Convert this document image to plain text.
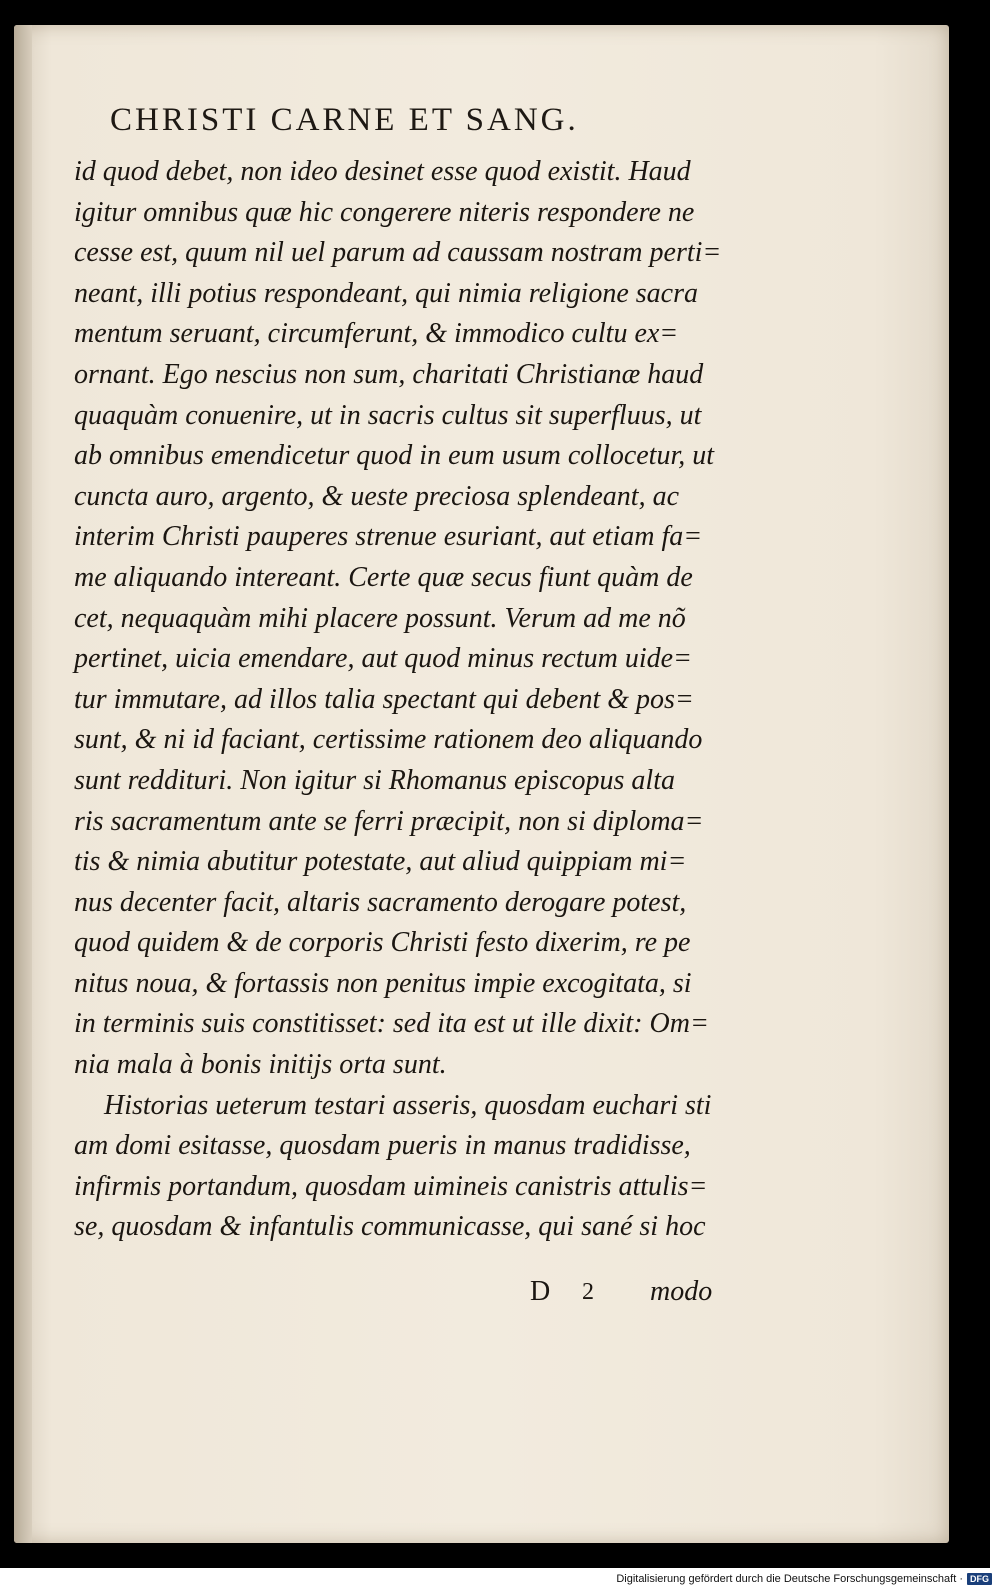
CHRISTI CARNE ET SANG.
id quod debet, non ideo desinet esse quod existit. Haud
igitur omnibus quæ hic congerere niteris respondere ne
cesse est, quum nil uel parum ad caussam nostram perti=
neant, illi potius respondeant, qui nimia religione sacra
mentum seruant, circumferunt, & immodico cultu ex=
ornant. Ego nescius non sum, charitati Christianæ haud
quaquàm conuenire, ut in sacris cultus sit superfluus, ut
ab omnibus emendicetur quod in eum usum collocetur, ut
cuncta auro, argento, & ueste preciosa splendeant, ac
interim Christi pauperes strenue esuriant, aut etiam fa=
me aliquando intereant. Certe quæ secus fiunt quàm de
cet, nequaquàm mihi placere possunt. Verum ad me nõ
pertinet, uicia emendare, aut quod minus rectum uide=
tur immutare, ad illos talia spectant qui debent & pos=
sunt, & ni id faciant, certissime rationem deo aliquando
sunt reddituri. Non igitur si Rhomanus episcopus alta
ris sacramentum ante se ferri præcipit, non si diploma=
tis & nimia abutitur potestate, aut aliud quippiam mi=
nus decenter facit, altaris sacramento derogare potest,
quod quidem & de corporis Christi festo dixerim, re pe
nitus noua, & fortassis non penitus impie excogitata, si
in terminis suis constitisset: sed ita est ut ille dixit: Om=
nia mala à bonis initijs orta sunt.
Historias ueterum testari asseris, quosdam euchari sti
am domi esitasse, quosdam pueris in manus tradidisse,
infirmis portandum, quosdam uimineis canistris attulis=
se, quosdam & infantulis communicasse, qui sané si hoc
D 2 modo
Digitalisierung gefördert durch die Deutsche Forschungsgemeinschaft · DFG
